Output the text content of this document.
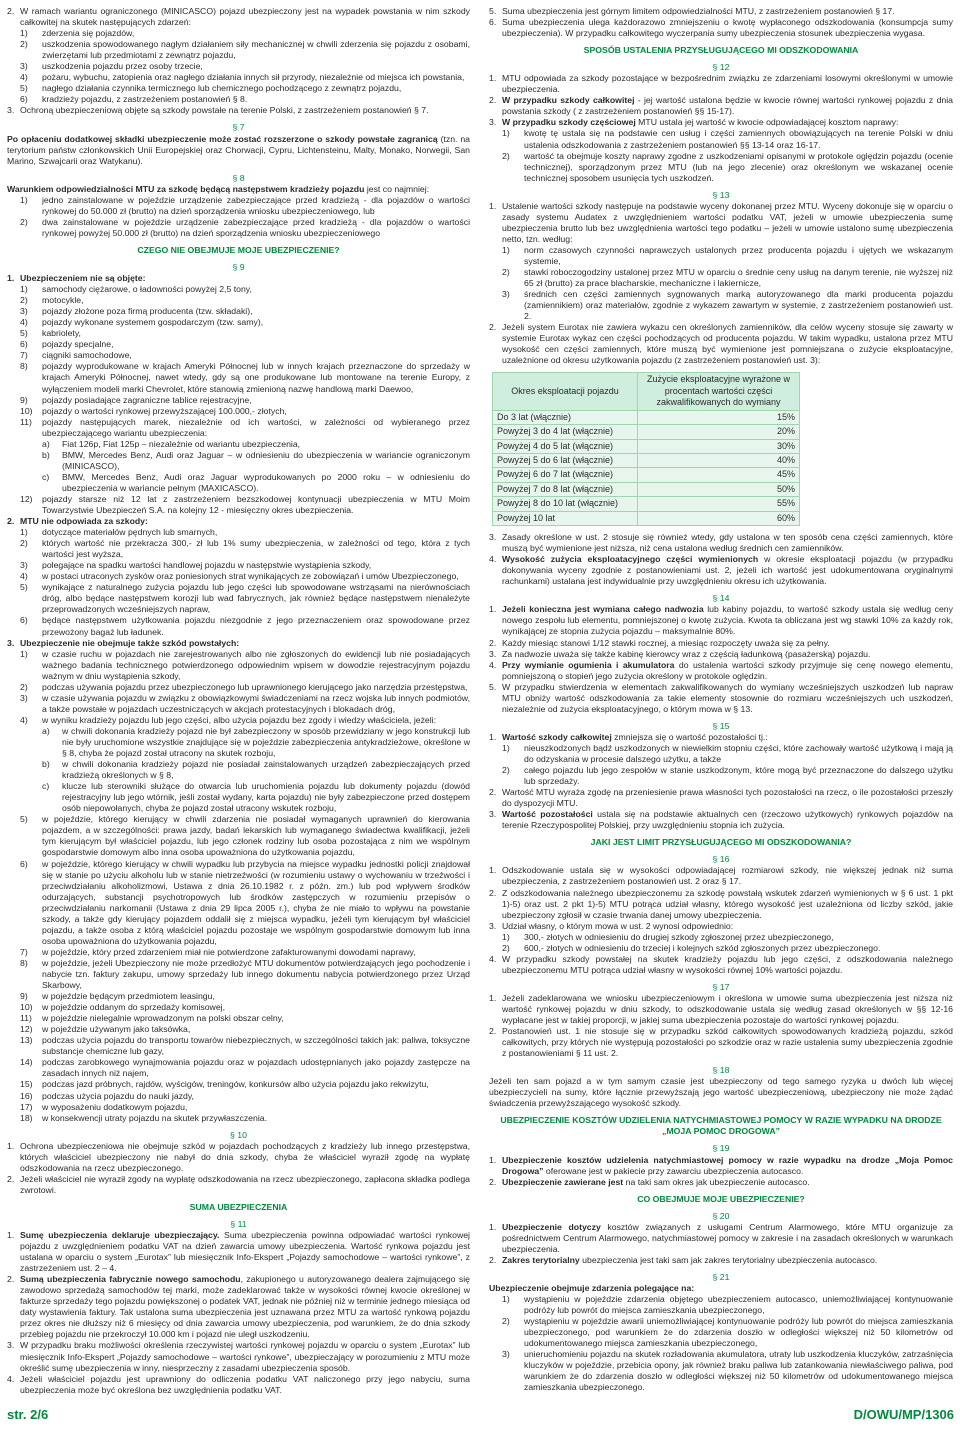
2. W ramach wariantu ograniczonego (MINICASCO) pojazd ubezpieczony jest na wypadek powstania w nim szkody całkowitej na skutek następujących zdarzeń:
1)	zderzenia się pojazdów,
2)	uszkodzenia spowodowanego nagłym działaniem siły mechanicznej w chwili zderzenia się pojazdu z osobami, zwierzętami lub przedmiotami z zewnątrz pojazdu,
3)	uszkodzenia pojazdu przez osoby trzecie,
4)	pożaru, wybuchu, zatopienia oraz nagłego działania innych sił przyrody, niezależnie od miejsca ich powstania,
5)	nagłego działania czynnika termicznego lub chemicznego pochodzącego z zewnątrz pojazdu,
6)	kradzieży pojazdu, z zastrzeżeniem postanowień § 8.
3. Ochroną ubezpieczeniową objęte są szkody powstałe na terenie Polski, z zastrzeżeniem postanowień § 7.
§ 7

Po opłaceniu dodatkowej składki ubezpieczenie może zostać rozszerzone o szkody powstałe zagranicą (tzn. na terytorium państw członkowskich Unii Europejskiej oraz Chorwacji, Cypru, Lichtensteinu, Malty, Monako, Norwegii, San Marino, Szwajcarii oraz Watykanu).

§ 8

Warunkiem odpowiedzialności MTU za szkodę będącą następstwem kradzieży pojazdu jest co najmniej:

1)	jedno zainstalowane w pojeździe urządzenie zabezpieczające przed kradzieżą - dla pojazdów o wartości rynkowej do 50.000 zł (brutto) na dzień sporządzenia wniosku ubezpieczeniowego, lub
2)	dwa zainstalowane w pojeździe urządzenie zabezpieczające przed kradzieżą - dla pojazdów o wartości rynkowej powyżej 50.000 zł (brutto) na dzień sporządzenia wniosku ubezpieczeniowego
CZEGO NIE OBEJMUJE MOJE UBEZPIECZENIE?
§ 9
1. Ubezpieczeniem nie są objęte:
1)	samochody ciężarowe, o ładowności powyżej 2,5 tony,
2)	motocykle,
3)	pojazdy złożone poza firmą producenta (tzw. składaki),
4)	pojazdy wykonane systemem gospodarczym (tzw. samy),
5)	kabriolety,
6)	pojazdy specjalne,
7)	ciągniki samochodowe,
8)	pojazdy wyprodukowane w krajach Ameryki Północnej lub w innych krajach przeznaczone do sprzedaży w krajach Ameryki Północnej, nawet wtedy, gdy są one produkowane lub montowane na terenie Europy, z wyłączeniem modeli marki Chevrolet, które stanowią zmienioną nazwę handlową marki Daewoo,
9)	pojazdy posiadające zagraniczne tablice rejestracyjne,
10)	pojazdy o wartości rynkowej przewyższającej 100.000,- złotych,
11)	pojazdy następujących marek, niezależnie od ich wartości, w zależności od wybieranego przez ubezpieczającego wariantu ubezpieczenia:
a)	Fiat 126p, Fiat 125p – niezależnie od wariantu ubezpieczenia,
b)	BMW, Mercedes Benz, Audi oraz Jaguar – w odniesieniu do ubezpieczenia w wariancie ograniczonym (MINICASCO),
c)	BMW, Mercedes Benz, Audi oraz Jaguar wyprodukowanych po 2000 roku – w odniesieniu do ubezpieczenia w wariancie pełnym (MAXICASCO).
12)	pojazdy starsze niż 12 lat z zastrzeżeniem bezszkodowej kontynuacji ubezpieczenia w MTU Moim Towarzystwie Ubezpieczeń S.A. na kolejny 12 - miesięczny okres ubezpieczenia.
2. MTU nie odpowiada za szkody:
1)	dotyczące materiałów pędnych lub smarnych,
2)	których wartość nie przekracza 300,- zł lub 1% sumy ubezpieczenia, w zależności od tego, która z tych wartości jest wyższa,
3)	polegające na spadku wartości handlowej pojazdu w następstwie wystąpienia szkody,
4)	w postaci utraconych zysków oraz poniesionych strat wynikających ze zobowiązań i umów Ubezpieczonego,
5)	wynikające z naturalnego zużycia pojazdu lub jego części lub spowodowane wstrząsami na nierównościach dróg, albo będące następstwem korozji lub wad fabrycznych, jak również będące następstwem nienależyte przeprowadzonych wcześniejszych napraw,
6)	będące następstwem użytkowania pojazdu niezgodnie z jego przeznaczeniem oraz spowodowane przez przewożony bagaż lub ładunek.
3. Ubezpieczenie nie obejmuje także szkód powstałych:
1)	w czasie ruchu w pojazdach nie zarejestrowanych albo nie zgłoszonych do ewidencji lub nie posiadających ważnego badania technicznego potwierdzonego odpowiednim wpisem w dowodzie rejestracyjnym pojazdu ważnym w dniu wystąpienia szkody,
2)	podczas używania pojazdu przez ubezpieczonego lub uprawnionego kierującego jako narzędzia przestępstwa,
3)	w czasie używania pojazdu w związku z obowiązkowymi świadczeniami na rzecz wojska lub innych podmiotów, a także powstałe w pojazdach uczestniczących w akcjach protestacyjnych i blokadach dróg,
4)	w wyniku kradzieży pojazdu lub jego części, albo użycia pojazdu bez zgody i wiedzy właściciela, jeżeli:
a)	w chwili dokonania kradzieży pojazd nie był zabezpieczony w sposób przewidziany w jego konstrukcji lub nie były uruchomione wszystkie znajdujące się w pojeździe zabezpieczenia antykradzieżowe, określone w § 8, chyba że pojazd został utracony na skutek rozboju,
b)	w chwili dokonania kradzieży pojazd nie posiadał zainstalowanych urządzeń zabezpieczających przed kradzieżą określonych w § 8,
c)	klucze lub sterowniki służące do otwarcia lub uruchomienia pojazdu lub dokumenty pojazdu (dowód rejestracyjny lub jego wtórnik, jeśli został wydany, karta pojazdu) nie były zabezpieczone przed dostępem osób niepowołanych, chyba że pojazd został utracony wskutek rozboju,
5)	w pojeździe, którego kierujący w chwili zdarzenia nie posiadał wymaganych uprawnień do kierowania pojazdem, a w szczególności: prawa jazdy, badań lekarskich lub wymaganego świadectwa kwalifikacji, jeżeli tym kierującym był właściciel pojazdu, lub jego członek rodziny lub osoba pozostająca z nim we wspólnym gospodarstwie domowym albo inna osoba upoważniona do użytkowania pojazdu,
6)	w pojeździe, którego kierujący w chwili wypadku lub przybycia na miejsce wypadku jednostki policji znajdował się w stanie po użyciu alkoholu lub w stanie nietrzeźwości (w rozumieniu ustawy o wychowaniu w trzeźwości i przeciwdziałaniu alkoholizmowi, Ustawa z dnia 26.10.1982 r. z późn. zm.) lub pod wpływem środków odurzających, substancji psychotropowych lub środków zastępczych w rozumieniu przepisów o przeciwdziałaniu narkomanii (Ustawa z dnia 29 lipca 2005 r.), chyba że nie miało to wpływu na powstanie szkody, a także gdy kierujący pojazdem oddalił się z miejsca wypadku, jeżeli tym kierującym był właściciel pojazdu, a także osoba z którą właściciel pojazdu pozostaje we wspólnym gospodarstwie domowym lub inna osoba upoważniona do użytkowania pojazdu,
7)	w pojeździe, który przed zdarzeniem miał nie potwierdzone zafakturowanymi dowodami naprawy,
8)	w pojeździe, jeżeli Ubezpieczony nie może przedłożyć MTU dokumentów potwierdzających jego pochodzenie i nabycie tzn. faktury zakupu, umowy sprzedaży lub innego dokumentu nabycia potwierdzonego przez Urząd Skarbowy,
9)	w pojeździe będącym przedmiotem leasingu,
10)	w pojeździe oddanym do sprzedaży komisowej,
11)	w pojeździe nielegalnie wprowadzonym na polski obszar celny,
12)	w pojeździe używanym jako taksówka,
13)	podczas użycia pojazdu do transportu towarów niebezpiecznych, w szczególności takich jak: paliwa, toksyczne substancje chemiczne lub gazy,
14)	podczas zarobkowego wynajmowania pojazdu oraz w pojazdach udostępnianych jako pojazdy zastępcze na zasadach innych niż najem,
15)	podczas jazd próbnych, rajdów, wyścigów, treningów, konkursów albo użycia pojazdu jako rekwizytu,
16)	podczas użycia pojazdu do nauki jazdy,
17)	w wyposażeniu dodatkowym pojazdu,
18)	w konsekwencji utraty pojazdu na skutek przywłaszczenia.
§ 10
1. Ochrona ubezpieczeniowa nie obejmuje szkód w pojazdach pochodzących z kradzieży lub innego przestępstwa, których właściciel ubezpieczony nie nabył do dnia szkody, chyba że właściciel wyraził zgodę na wypłatę odszkodowania na rzecz ubezpieczonego.
2. Jeżeli właściciel nie wyraził zgody na wypłatę odszkodowania na rzecz ubezpieczonego, zapłacona składka podlega zwrotowi.
SUMA UBEZPIECZENIA
§ 11
1. Sumę ubezpieczenia deklaruje ubezpieczający. Suma ubezpieczenia powinna odpowiadać wartości rynkowej pojazdu z uwzględnieniem podatku VAT na dzień zawarcia umowy ubezpieczenia. Wartość rynkowa pojazdu jest ustalana w oparciu o system „Eurotax” lub miesięcznik Info-Ekspert „Pojazdy samochodowe – wartości rynkowe”, z zastrzeżeniem ust. 2 – 4.
2. Sumą ubezpieczenia fabrycznie nowego samochodu, zakupionego u autoryzowanego dealera zajmującego się zawodowo sprzedażą samochodów tej marki, może zadeklarować także w wysokości równej kwocie określonej w fakturze sprzedaży tego pojazdu powiększonej o podatek VAT, jednak nie później niż w terminie jednego miesiąca od daty wystawienia faktury. Tak ustalona suma ubezpieczenia jest uznawana przez MTU za wartość rynkową pojazdu przez okres nie dłuższy niż 6 miesięcy od dnia zawarcia umowy ubezpieczenia, pod warunkiem, że do dnia szkody przebieg pojazdu nie przekroczył 10.000 km i pojazd nie uległ uszkodzeniu.
3. W przypadku braku możliwości określenia rzeczywistej wartości rynkowej pojazdu w oparciu o system „Eurotax” lub miesięcznik Info-Ekspert „Pojazdy samochodowe – wartości rynkowe”, ubezpieczający w porozumieniu z MTU może określić sumę ubezpieczenia w inny, niesprzeczny z zasadami ubezpieczenia sposób.
4. Jeżeli właściciel pojazdu jest uprawniony do odliczenia podatku VAT naliczonego przy jego nabyciu, suma ubezpieczenia może być określona bez uwzględnienia podatku VAT.
5. Suma ubezpieczenia jest górnym limitem odpowiedzialności MTU, z zastrzeżeniem postanowień § 17.
6. Suma ubezpieczenia ulega każdorazowo zmniejszeniu o kwotę wypłaconego odszkodowania (konsumpcja sumy ubezpieczenia). W przypadku całkowitego wyczerpania sumy ubezpieczenia stosunek ubezpieczenia wygasa.
SPOSÓB USTALENIA PRZYSŁUGUJĄCEGO MI ODSZKODOWANIA
§ 12
1. MTU odpowiada za szkody pozostające w bezpośrednim związku ze zdarzeniami losowymi określonymi w umowie ubezpieczenia.
2. W przypadku szkody całkowitej - jej wartość ustalona będzie w kwocie równej wartości rynkowej pojazdu z dnia powstania szkody ( z zastrzeżeniem postanowień §§ 15-17).
3. W przypadku szkody częściowej MTU ustala jej wartość w kwocie odpowiadającej kosztom naprawy:
1)	kwotę tę ustala się na podstawie cen usług i części zamiennych obowiązujących na terenie Polski w dniu ustalenia odszkodowania z zastrzeżeniem postanowień §§ 13-14 oraz 16-17.
2)	wartość ta obejmuje koszty naprawy zgodne z uszkodzeniami opisanymi w protokole oględzin pojazdu (ocenie technicznej), sporządzonym przez MTU (lub na jego zlecenie) oraz określonym we wskazanej ocenie technicznej sposobem usunięcia tych uszkodzeń.
§ 13
1. Ustalenie wartości szkody następuje na podstawie wyceny dokonanej przez MTU. Wyceny dokonuje się w oparciu o zasady systemu Audatex z uwzględnieniem wartości podatku VAT, jeżeli w umowie ubezpieczenia sumę ubezpieczenia brutto lub bez uwzględnienia wartości tego podatku – jeżeli w umowie ustalono sumę ubezpieczenia netto, tzn. według:
1)	norm czasowych czynności naprawczych ustalonych przez producenta pojazdu i ujętych we wskazanym systemie,
2)	stawki roboczogodziny ustalonej przez MTU w oparciu o średnie ceny usług na danym terenie, nie wyższej niż 65 zł (brutto) za prace blacharskie, mechaniczne i lakiernicze,
3)	średnich cen części zamiennych sygnowanych marką autoryzowanego dla marki producenta pojazdu (zamiennikiem) oraz materiałów, zgodnie z wykazem zawartym w systemie, z zastrzeżeniem postanowień ust. 2.
2. Jeżeli system Eurotax nie zawiera wykazu cen określonych zamienników, dla celów wyceny stosuje się zawarty w systemie Eurotax wykaz cen części pochodzących od producenta pojazdu. W takim wypadku, ustalona przez MTU wysokość cen części zamiennych, które muszą być wymienione jest pomniejszana o zużycie eksploatacyjne, uzależnione od okresu użytkowania pojazdu (z zastrzeżeniem postanowień ust. 3):
Okres eksploatacji pojazdu	Zużycie eksploatacyjne wyrażone w procentach wartości części zakwalifikowanych do wymiany
Do 3 lat (włącznie)	15%
Powyżej 3 do 4 lat (włącznie)	20%
Powyżej 4 do 5 lat (włącznie)	30%
Powyżej 5 do 6 lat (włącznie)	40%
Powyżej 6 do 7 lat (włącznie)	45%
Powyżej 7 do 8 lat (włącznie)	50%
Powyżej 8 do 10 lat (włącznie)	55%
Powyżej 10 lat	60%
3. Zasady określone w ust. 2 stosuje się również wtedy, gdy ustalona w ten sposób cena części zamiennych, które muszą być wymienione jest niższa, niż cena ustalona według średnich cen zamienników.
4. Wysokość zużycia eksploatacyjnego części wymienionych w okresie eksploatacji pojazdu (w przypadku dokonywania wyceny zgodnie z postanowieniami ust. 2, jeżeli ich wartość jest udokumentowana oryginalnymi rachunkami) ustalana jest indywidualnie przy uwzględnieniu okresu ich użytkowania.
§ 14
1. Jeżeli konieczna jest wymiana całego nadwozia lub kabiny pojazdu, to wartość szkody ustala się według ceny nowego zespołu lub elementu, pomniejszonej o kwotę zużycia. Kwota ta obliczana jest wg stawki 10% za każdy rok, wynikającej ze stopnia zużycia pojazdu – maksymalnie 80%.
2. Każdy miesiąc stanowi 1/12 stawki rocznej, a miesiąc rozpoczęty uważa się za pełny.
3. Za nadwozie uważa się także kabinę kierowcy wraz z częścią ładunkową (pasażerską) pojazdu.
4. Przy wymianie ogumienia i akumulatora do ustalenia wartości szkody przyjmuje się cenę nowego elementu, pomniejszoną o stopień jego zużycia określony w protokole oględzin.
5. W przypadku stwierdzenia w elementach zakwalifikowanych do wymiany wcześniejszych uszkodzeń lub napraw MTU obniży wartość odszkodowania za takie elementy stosownie do rozmiaru wcześniejszych uch uszkodzeń, niezależnie od zużycia eksploatacyjnego, o którym mowa w § 13.
§ 15
1. Wartość szkody całkowitej zmniejsza się o wartość pozostałości tj.:
1)	nieuszkodzonych bądź uszkodzonych w niewielkim stopniu części, które zachowały wartość użytkową i mają ją do odzyskania w procesie dalszego użytku, a także
2)	całego pojazdu lub jego zespołów w stanie uszkodzonym, które mogą być przeznaczone do dalszego użytku lub sprzedaży.
2. Wartość MTU wyraża zgodę na przeniesienie prawa własności tych pozostałości na rzecz, o ile pozostałości przeszły do dyspozycji MTU.
3. Wartość pozostałości ustala się na podstawie aktualnych cen (rzeczowo użytkowych) rynkowych pojazdów na terenie Rzeczypospolitej Polskiej, przy uwzględnieniu stopnia ich zużycia.
JAKI JEST LIMIT PRZYSŁUGUJĄCEGO MI ODSZKODOWANIA?
§ 16
1. Odszkodowanie ustala się w wysokości odpowiadającej rozmiarowi szkody, nie większej jednak niż suma ubezpieczenia, z zastrzeżeniem postanowień ust. 2 oraz § 17.
2. Z odszkodowania należnego ubezpieczonemu za szkodę powstałą wskutek zdarzeń wymienionych w § 6 ust. 1 pkt 1)-5) oraz ust. 2 pkt 1)-5) MTU potrąca udział własny, którego wysokość jest uzależniona od liczby szkód, jakie ubezpieczony zgłosił w czasie trwania danej umowy ubezpieczenia.
3. Udział własny, o którym mowa w ust. 2 wynosi odpowiednio:
1)	300,- złotych w odniesieniu do drugiej szkody zgłoszonej przez ubezpieczonego,
2)	600,- złotych w odniesieniu do trzeciej i kolejnych szkód zgłoszonych przez ubezpieczonego.
4. W przypadku szkody powstałej na skutek kradzieży pojazdu lub jego części, z odszkodowania należnego ubezpieczonemu MTU potrąca udział własny w wysokości równej 10% wartości pojazdu.
§ 17
1. Jeżeli zadeklarowana we wniosku ubezpieczeniowym i określona w umowie suma ubezpieczenia jest niższa niż wartość rynkowej pojazdu w dniu szkody, to odszkodowanie ustala się według zasad określonych w §§ 12-16 wypłacane jest w takiej proporcji, w jakiej suma ubezpieczenia pozostaje do wartości rynkowej pojazdu.
2. Postanowień ust. 1 nie stosuje się w przypadku szkód całkowitych spowodowanych kradzieżą pojazdu, szkód całkowitych, przy których nie występują pozostałości po szkodzie oraz w razie ustalenia sumy ubezpieczenia zgodnie z postanowieniami § 11 ust. 2.
§ 18

Jeżeli ten sam pojazd a w tym samym czasie jest ubezpieczony od tego samego ryzyka u dwóch lub więcej ubezpieczycieli na sumy, które łącznie przewyższają jego wartość ubezpieczeniową, ubezpieczony nie może żądać świadczenia przewyższającego wysokość szkody.

UBEZPIECZENIE KOSZTÓW UDZIELENIA NATYCHMIASTOWEJ POMOCY W RAZIE WYPADKU NA DRODZE „MOJA POMOC DROGOWA”
§ 19
1. Ubezpieczenie kosztów udzielenia natychmiastowej pomocy w razie wypadku na drodze „Moja Pomoc Drogowa” oferowane jest w pakiecie przy zawarciu ubezpieczenia autocasco.
2. Ubezpieczenie zawierane jest na taki sam okres jak ubezpieczenie autocasco.
CO OBEJMUJE MOJE UBEZPIECZENIE?
§ 20
1. Ubezpieczenie dotyczy kosztów związanych z usługami Centrum Alarmowego, które MTU organizuje za pośrednictwem Centrum Alarmowego, natychmiastowej pomocy w zakresie i na zasadach określonych w warunkach ubezpieczenia.
2. Zakres terytorialny ubezpieczenia jest taki sam jak zakres terytorialny ubezpieczenia autocasco.
§ 21

Ubezpieczenie obejmuje zdarzenia polegające na:

1)	wystąpieniu w pojeździe zdarzenia objętego ubezpieczeniem autocasco, uniemożliwiającej kontynuowanie podróży lub powrót do miejsca zamieszkania ubezpieczonego,
2)	wystąpieniu w pojeździe awarii uniemożliwiającej kontynuowanie podróży lub powrót do miejsca zamieszkania ubezpieczonego, pod warunkiem że do zdarzenia doszło w odległości większej niż 50 kilometrów od udokumentowanego miejsca zamieszkania ubezpieczonego,
3)	unieruchomieniu pojazdu na skutek rozładowania akumulatora, utraty lub uszkodzenia kluczyków, zatrzaśnięcia kluczyków w pojeździe, przebicia opony, jak również braku paliwa lub zatankowania niewłaściwego paliwa, pod warunkiem że do zdarzenia doszło w odległości większej niż 50 kilometrów od udokumentowanego miejsca zamieszkania ubezpieczonego.
str. 2/6	D/OWU/MP/1306
